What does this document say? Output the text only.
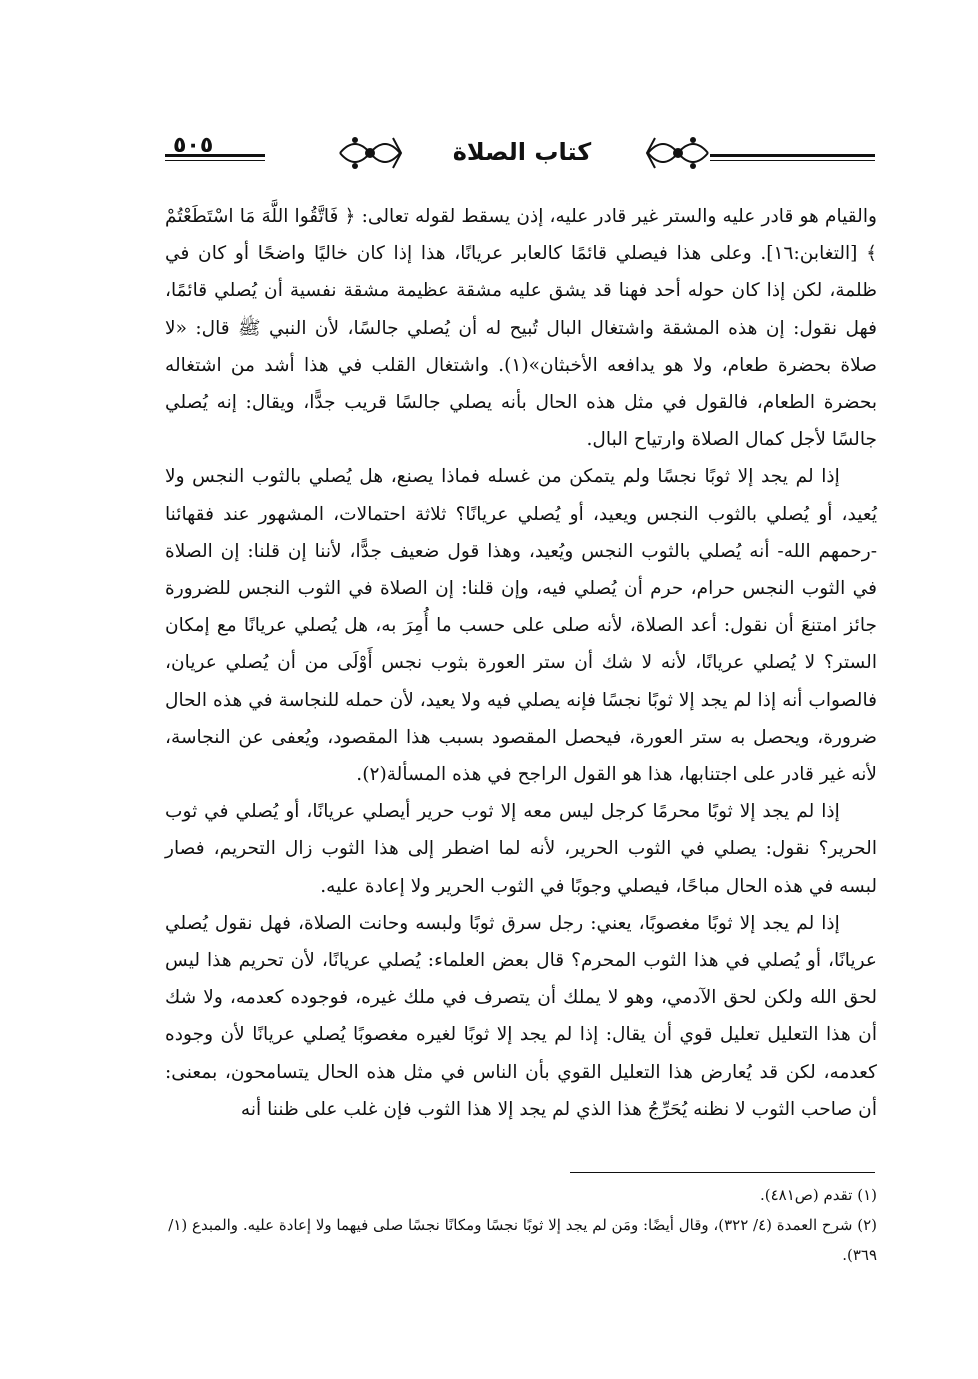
٥٠٥	كتاب الصلاة

والقيام هو قادر عليه والستر غير قادر عليه، إذن يسقط لقوله تعالى: ﴿ فَاتَّقُوا اللَّهَ مَا اسْتَطَعْتُمْ ﴾ [التغابن:١٦]. وعلى هذا فيصلي قائمًا كالعابر عريانًا، هذا إذا كان خاليًا واضحًا أو كان في ظلمة، لكن إذا كان حوله أحد فهنا قد يشق عليه مشقة عظيمة مشقة نفسية أن يُصلي قائمًا، فهل نقول: إن هذه المشقة واشتغال البال تُبيح له أن يُصلي جالسًا، لأن النبي ﷺ قال: «لا صلاة بحضرة طعام، ولا هو يدافعه الأخبثان»(١). واشتغال القلب في هذا أشد من اشتغاله بحضرة الطعام، فالقول في مثل هذه الحال بأنه يصلي جالسًا قريب جدًّا، ويقال: إنه يُصلي جالسًا لأجل كمال الصلاة وارتياح البال.

إذا لم يجد إلا ثوبًا نجسًا ولم يتمكن من غسله فماذا يصنع، هل يُصلي بالثوب النجس ولا يُعيد، أو يُصلي بالثوب النجس ويعيد، أو يُصلي عريانًا؟ ثلاثة احتمالات، المشهور عند فقهائنا -رحمهم الله- أنه يُصلي بالثوب النجس ويُعيد، وهذا قول ضعيف جدًّا، لأننا إن قلنا: إن الصلاة في الثوب النجس حرام، حرم أن يُصلي فيه، وإن قلنا: إن الصلاة في الثوب النجس للضرورة جائز امتنعَ أن نقول: أعد الصلاة، لأنه صلى على حسب ما أُمِرَ به، هل يُصلي عريانًا مع إمكان الستر؟ لا يُصلي عريانًا، لأنه لا شك أن ستر العورة بثوب نجس أَوْلَى من أن يُصلي عريان، فالصواب أنه إذا لم يجد إلا ثوبًا نجسًا فإنه يصلي فيه ولا يعيد، لأن حمله للنجاسة في هذه الحال ضرورة، ويحصل به ستر العورة، فيحصل المقصود بسبب هذا المقصود، ويُعفى عن النجاسة، لأنه غير قادر على اجتنابها، هذا هو القول الراجح في هذه المسألة(٢).

إذا لم يجد إلا ثوبًا محرمًا كرجل ليس معه إلا ثوب حرير أيصلي عريانًا، أو يُصلي في ثوب الحرير؟ نقول: يصلي في الثوب الحرير، لأنه لما اضطر إلى هذا الثوب زال التحريم، فصار لبسه في هذه الحال مباحًا، فيصلي وجوبًا في الثوب الحرير ولا إعادة عليه.

إذا لم يجد إلا ثوبًا مغصوبًا، يعني: رجل سرق ثوبًا ولبسه وحانت الصلاة، فهل نقول يُصلي عريانًا، أو يُصلي في هذا الثوب المحرم؟ قال بعض العلماء: يُصلي عريانًا، لأن تحريم هذا ليس لحق الله ولكن لحق الآدمي، وهو لا يملك أن يتصرف في ملك غيره، فوجوده كعدمه، ولا شك أن هذا التعليل تعليل قوي أن يقال: إذا لم يجد إلا ثوبًا لغيره مغصوبًا يُصلي عريانًا لأن وجوده كعدمه، لكن قد يُعارض هذا التعليل القوي بأن الناس في مثل هذه الحال يتسامحون، بمعنى: أن صاحب الثوب لا نظنه يُحَرِّجُ هذا الذي لم يجد إلا هذا الثوب فإن غلب على ظننا أنه

(١) تقدم (ص٤٨١).

(٢) شرح العمدة (٤/ ٣٢٢)، وقال أيضًا: ومَن لم يجد إلا ثوبًا نجسًا ومكانًا نجسًا صلى فيهما ولا إعادة عليه. والمبدع (١/ ٣٦٩).
